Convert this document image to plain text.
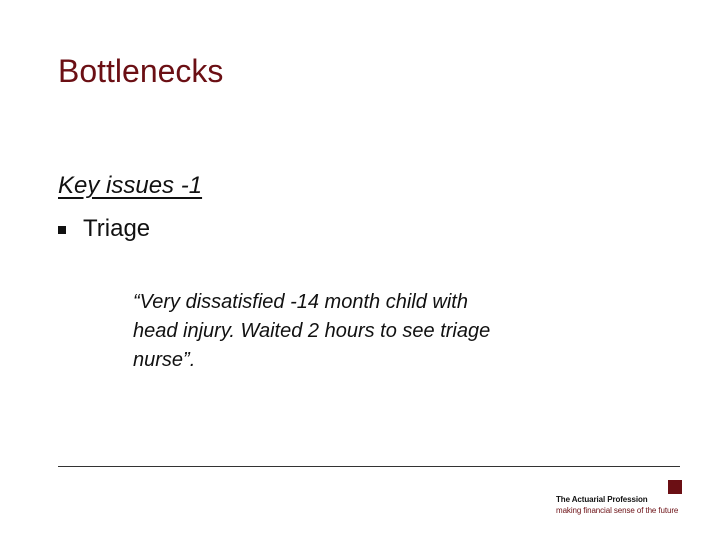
Bottlenecks
Key issues -1
Triage
“Very dissatisfied -14 month child with
head injury. Waited 2 hours to see triage
nurse”.
The Actuarial Profession
making financial sense of the future
